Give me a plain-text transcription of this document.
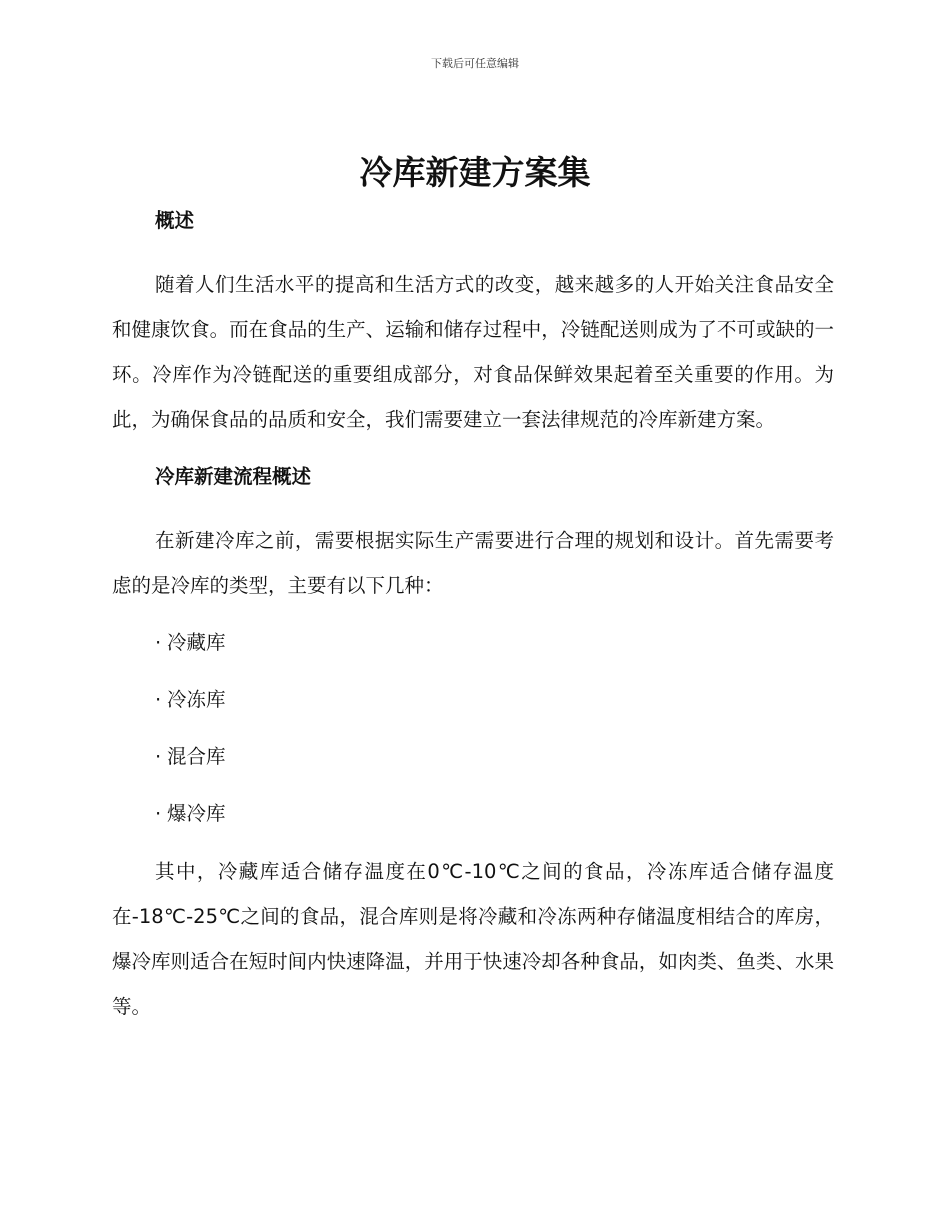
下载后可任意编辑
冷库新建方案集
概述

随着人们生活水平的提高和生活方式的改变，越来越多的人开始关注食品安全和健康饮食。而在食品的生产、运输和储存过程中，冷链配送则成为了不可或缺的一环。冷库作为冷链配送的重要组成部分，对食品保鲜效果起着至关重要的作用。为此，为确保食品的品质和安全，我们需要建立一套法律规范的冷库新建方案。

冷库新建流程概述

在新建冷库之前，需要根据实际生产需要进行合理的规划和设计。首先需要考虑的是冷库的类型，主要有以下几种：

· 冷藏库
· 冷冻库
· 混合库
· 爆冷库

其中，冷藏库适合储存温度在0℃-10℃之间的食品，冷冻库适合储存温度在-18℃-25℃之间的食品，混合库则是将冷藏和冷冻两种存储温度相结合的库房，爆冷库则适合在短时间内快速降温，并用于快速冷却各种食品，如肉类、鱼类、水果等。
